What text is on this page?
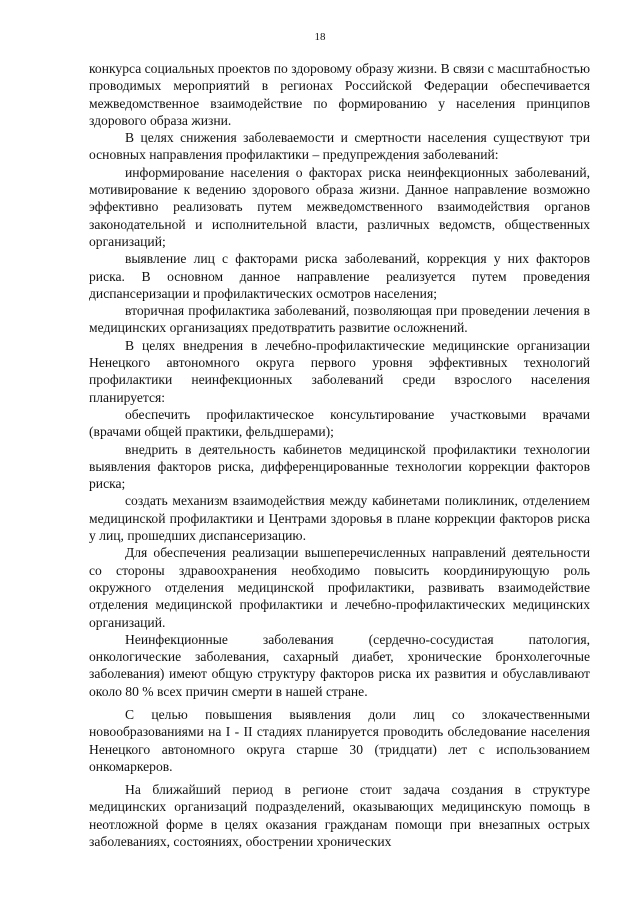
18

конкурса социальных проектов по здоровому образу жизни. В связи с масштабностью проводимых мероприятий в регионах Российской Федерации обеспечивается межведомственное взаимодействие по формированию у населения принципов здорового образа жизни.

В целях снижения заболеваемости и смертности населения существуют три основных направления профилактики – предупреждения заболеваний:

информирование населения о факторах риска неинфекционных заболеваний, мотивирование к ведению здорового образа жизни. Данное направление возможно эффективно реализовать путем межведомственного взаимодействия органов законодательной и исполнительной власти, различных ведомств, общественных организаций;

выявление лиц с факторами риска заболеваний, коррекция у них факторов риска. В основном данное направление реализуется путем проведения диспансеризации и профилактических осмотров населения;

вторичная профилактика заболеваний, позволяющая при проведении лечения в медицинских организациях предотвратить развитие осложнений.

В целях внедрения в лечебно-профилактические медицинские организации Ненецкого автономного округа первого уровня эффективных технологий профилактики неинфекционных заболеваний среди взрослого населения планируется:

обеспечить профилактическое консультирование участковыми врачами (врачами общей практики, фельдшерами);

внедрить в деятельность кабинетов медицинской профилактики технологии выявления факторов риска, дифференцированные технологии коррекции факторов риска;

создать механизм взаимодействия между кабинетами поликлиник, отделением медицинской профилактики и Центрами здоровья в плане коррекции факторов риска у лиц, прошедших диспансеризацию.

Для обеспечения реализации вышеперечисленных направлений деятельности со стороны здравоохранения необходимо повысить координирующую роль окружного отделения медицинской профилактики, развивать взаимодействие отделения медицинской профилактики и лечебно-профилактических медицинских организаций.

Неинфекционные заболевания (сердечно-сосудистая патология, онкологические заболевания, сахарный диабет, хронические бронхолегочные заболевания) имеют общую структуру факторов риска их развития и обуславливают около 80 % всех причин смерти в нашей стране.

С целью повышения выявления доли лиц со злокачественными новообразованиями на I - II стадиях планируется проводить обследование населения Ненецкого автономного округа старше 30 (тридцати) лет с использованием онкомаркеров.

На ближайший период в регионе стоит задача создания в структуре медицинских организаций подразделений, оказывающих медицинскую помощь в неотложной форме в целях оказания гражданам помощи при внезапных острых заболеваниях, состояниях, обострении хронических
